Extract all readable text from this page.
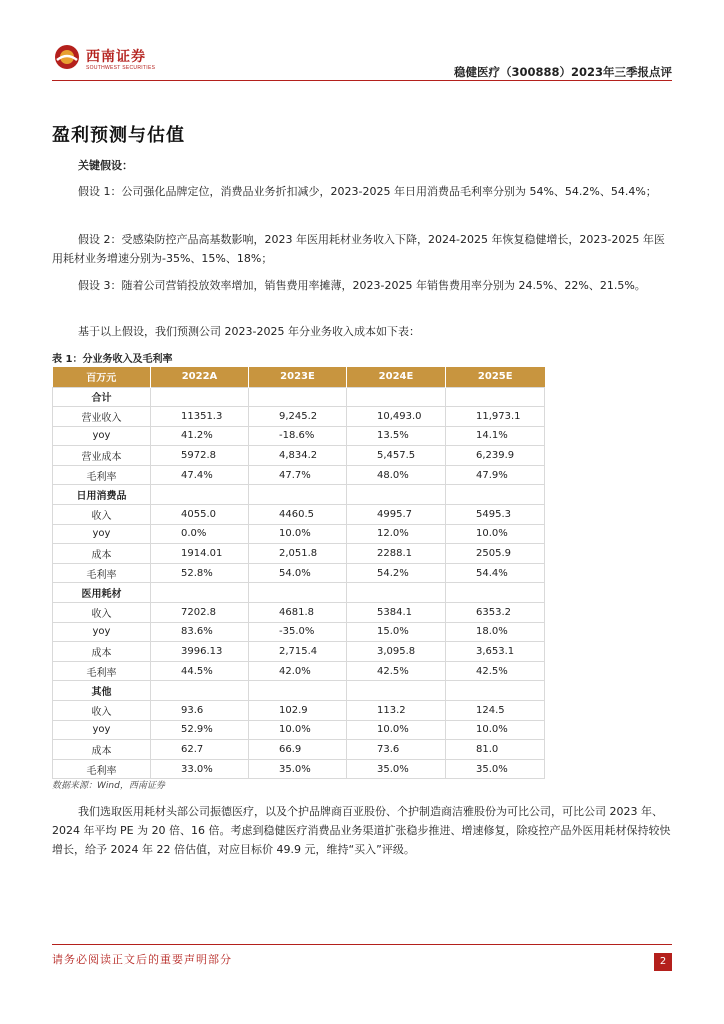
西南证券
SOUTHWEST SECURITIES	稳健医疗（300888）2023年三季报点评
盈利预测与估值
关键假设：

假设 1：公司强化品牌定位，消费品业务折扣减少，2023-2025 年日用消费品毛利率分别为 54%、54.2%、54.4%；

假设 2：受感染防控产品高基数影响，2023 年医用耗材业务收入下降，2024-2025 年恢复稳健增长，2023-2025 年医用耗材业务增速分别为-35%、15%、18%；

假设 3：随着公司营销投放效率增加，销售费用率摊薄，2023-2025 年销售费用率分别为 24.5%、22%、21.5%。

基于以上假设，我们预测公司 2023-2025 年分业务收入成本如下表：

表 1：分业务收入及毛利率
百万元	2022A	2023E	2024E	2025E
合计				
营业收入	11351.3	9,245.2	10,493.0	11,973.1
yoy	41.2%	-18.6%	13.5%	14.1%
营业成本	5972.8	4,834.2	5,457.5	6,239.9
毛利率	47.4%	47.7%	48.0%	47.9%
日用消费品				
收入	4055.0	4460.5	4995.7	5495.3
yoy	0.0%	10.0%	12.0%	10.0%
成本	1914.01	2,051.8	2288.1	2505.9
毛利率	52.8%	54.0%	54.2%	54.4%
医用耗材				
收入	7202.8	4681.8	5384.1	6353.2
yoy	83.6%	-35.0%	15.0%	18.0%
成本	3996.13	2,715.4	3,095.8	3,653.1
毛利率	44.5%	42.0%	42.5%	42.5%
其他				
收入	93.6	102.9	113.2	124.5
yoy	52.9%	10.0%	10.0%	10.0%
成本	62.7	66.9	73.6	81.0
毛利率	33.0%	35.0%	35.0%	35.0%
数据来源：Wind，西南证券

我们选取医用耗材头部公司振德医疗，以及个护品牌商百亚股份、个护制造商洁雅股份为可比公司，可比公司 2023 年、2024 年平均 PE 为 20 倍、16 倍。考虑到稳健医疗消费品业务渠道扩张稳步推进、增速修复，除疫控产品外医用耗材保持较快增长，给予 2024 年 22 倍估值，对应目标价 49.9 元，维持“买入”评级。

请务必阅读正文后的重要声明部分	2
